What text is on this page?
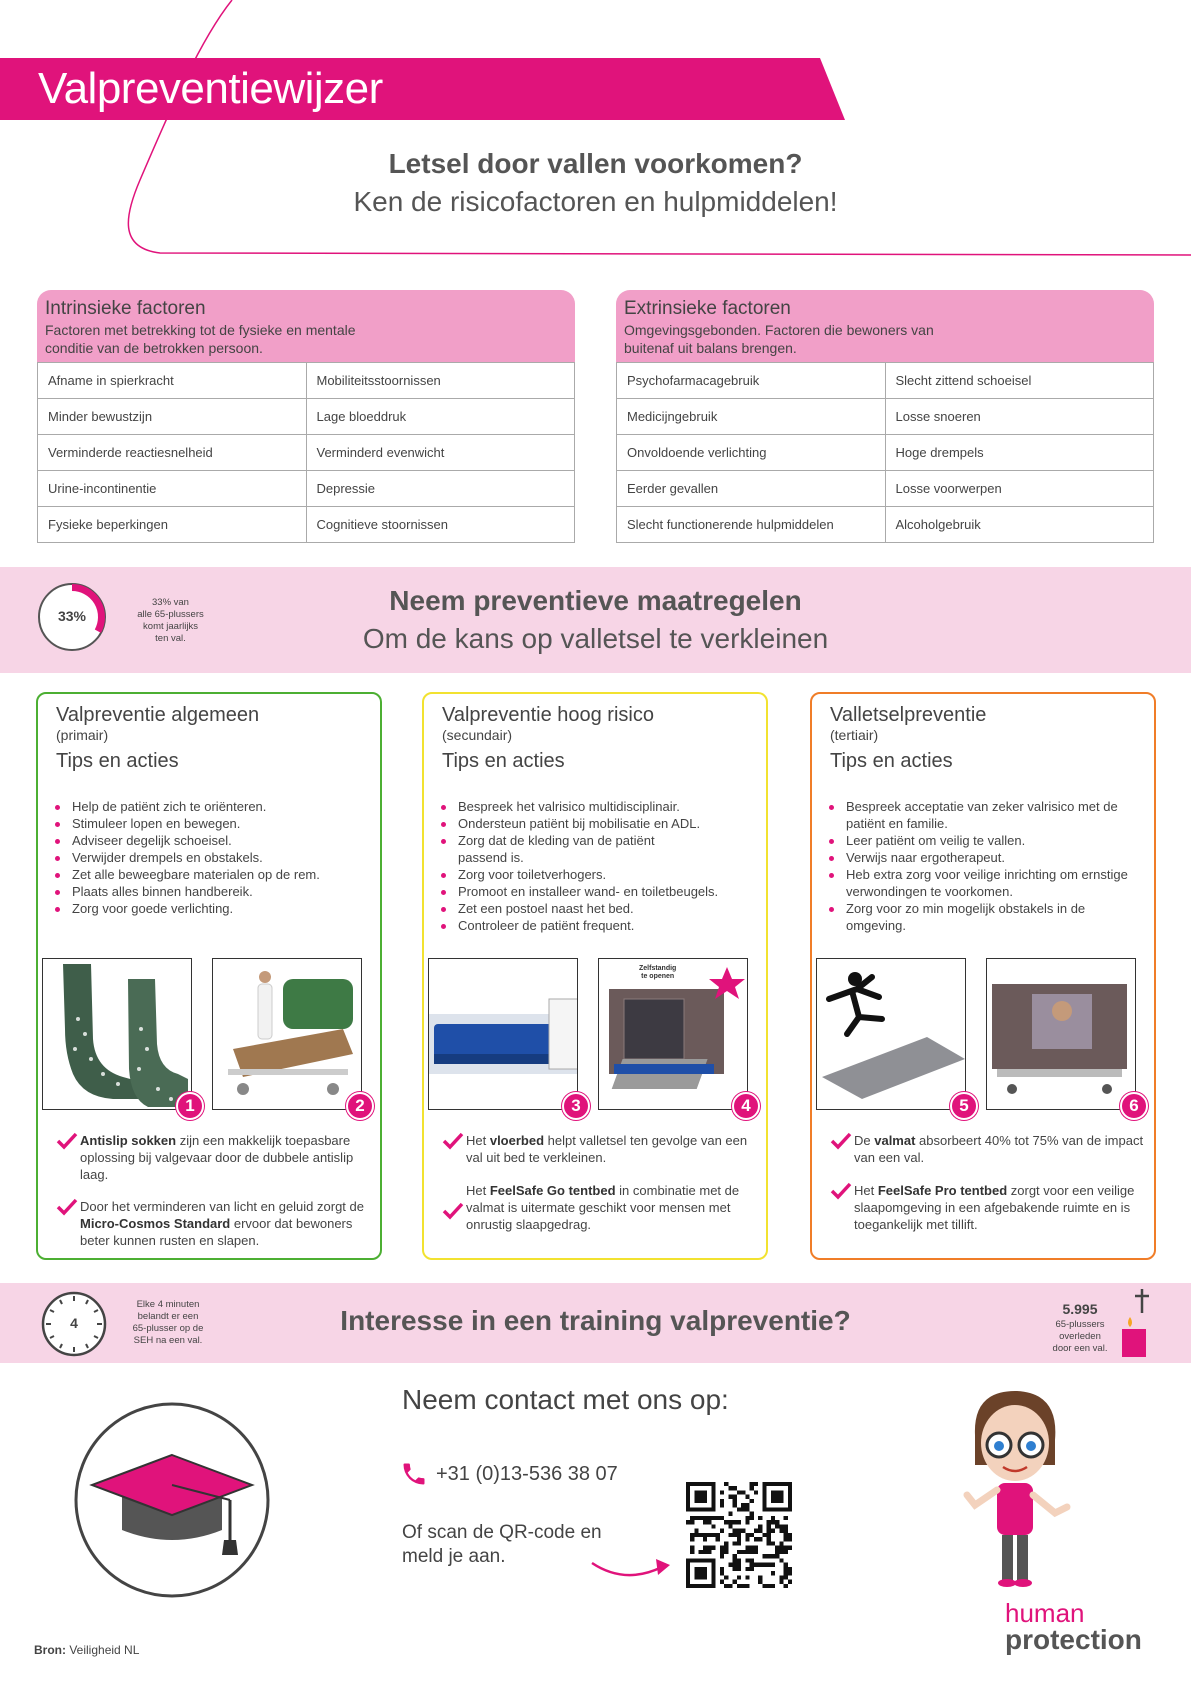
Valpreventiewijzer
Letsel door vallen voorkomen?
Ken de risicofactoren en hulpmiddelen!
Intrinsieke factoren
Factoren met betrekking tot de fysieke en mentale
conditie van de betrokken persoon.
Afname in spierkracht	Mobiliteitsstoornissen
Minder bewustzijn	Lage bloeddruk
Verminderde reactiesnelheid	Verminderd evenwicht
Urine-incontinentie	Depressie
Fysieke beperkingen	Cognitieve stoornissen
Extrinsieke factoren
Omgevingsgebonden. Factoren die bewoners van
buitenaf uit balans brengen.
Psychofarmacagebruik	Slecht zittend schoeisel
Medicijngebruik	Losse snoeren
Onvoldoende verlichting	Hoge drempels
Eerder gevallen	Losse voorwerpen
Slecht functionerende hulpmiddelen	Alcoholgebruik
33%
33% van
alle 65-plussers
komt jaarlijks
ten val.
Neem preventieve maatregelen
Om de kans op valletsel te verkleinen
Valpreventie algemeen
(primair)
Tips en acties
Help de patiënt zich te oriënteren.
Stimuleer lopen en bewegen.
Adviseer degelijk schoeisel.
Verwijder drempels en obstakels.
Zet alle beweegbare materialen op de rem.
Plaats alles binnen handbereik.
Zorg voor goede verlichting.
1	2
Antislip sokken zijn een makkelijk toepasbare oplossing bij valgevaar door de dubbele antislip laag.
Door het verminderen van licht en geluid zorgt de Micro-Cosmos Standard ervoor dat bewoners beter kunnen rusten en slapen.
Valpreventie hoog risico
(secundair)
Tips en acties
Bespreek het valrisico multidisciplinair.
Ondersteun patiënt bij mobilisatie en ADL.
Zorg dat de kleding van de patiënt passend is.
Zorg voor toiletverhogers.
Promoot en installeer wand- en toiletbeugels.
Zet een postoel naast het bed.
Controleer de patiënt frequent.
Zelfstandig
te openen
3	4
Het vloerbed helpt valletsel ten gevolge van een val uit bed te verkleinen.
Het FeelSafe Go tentbed in combinatie met de valmat is uitermate geschikt voor mensen met onrustig slaapgedrag.
Valletselpreventie
(tertiair)
Tips en acties
Bespreek acceptatie van zeker valrisico met de patiënt en familie.
Leer patiënt om veilig te vallen.
Verwijs naar ergotherapeut.
Heb extra zorg voor veilige inrichting om ernstige verwondingen te voorkomen.
Zorg voor zo min mogelijk obstakels in de omgeving.
5	6
De valmat absorbeert 40% tot 75% van de impact van een val.
Het FeelSafe Pro tentbed zorgt voor een veilige slaapomgeving in een afgebakende ruimte en is toegankelijk met tillift.
4
Elke 4 minuten
belandt er een
65-plusser op de
SEH na een val.
Interesse in een training valpreventie?	5.995
65-plussers
overleden
door een val.
Neem contact met ons op:
+31 (0)13-536 38 07
Of scan de QR-code en
meld je aan.
human
protection
Bron: Veiligheid NL
